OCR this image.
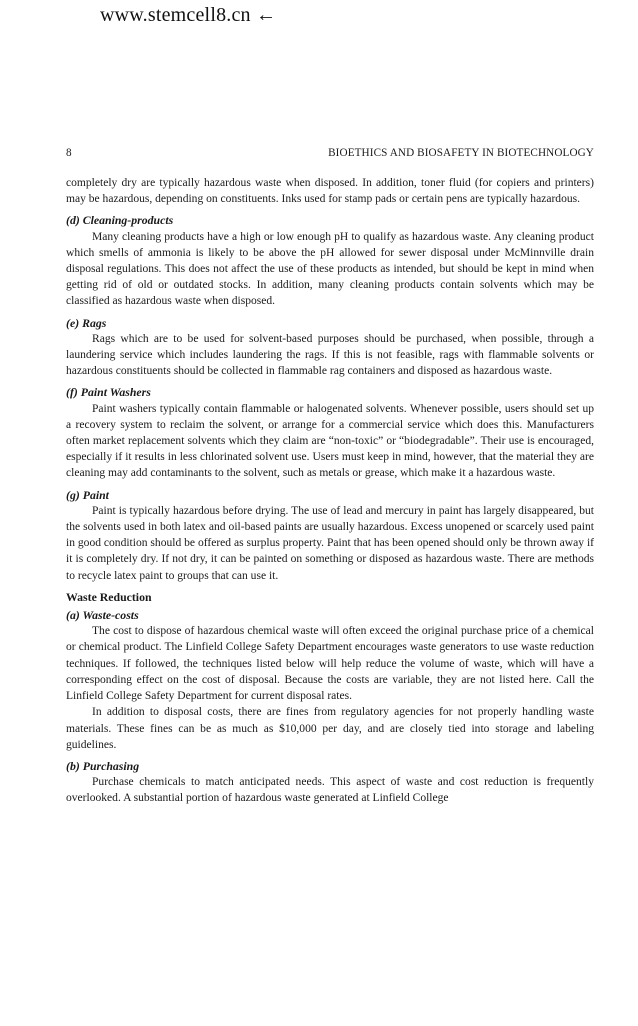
www.stemcell8.cn ←
8	BIOETHICS AND BIOSAFETY IN BIOTECHNOLOGY

completely dry are typically hazardous waste when disposed. In addition, toner fluid (for copiers and printers) may be hazardous, depending on constituents. Inks used for stamp pads or certain pens are typically hazardous.

(d) Cleaning-products

Many cleaning products have a high or low enough pH to qualify as hazardous waste. Any cleaning product which smells of ammonia is likely to be above the pH allowed for sewer disposal under McMinnville drain disposal regulations. This does not affect the use of these products as intended, but should be kept in mind when getting rid of old or outdated stocks. In addition, many cleaning products contain solvents which may be classified as hazardous waste when disposed.

(e) Rags

Rags which are to be used for solvent-based purposes should be purchased, when possible, through a laundering service which includes laundering the rags. If this is not feasible, rags with flammable solvents or hazardous constituents should be collected in flammable rag containers and disposed as hazardous waste.

(f) Paint Washers

Paint washers typically contain flammable or halogenated solvents. Whenever possible, users should set up a recovery system to reclaim the solvent, or arrange for a commercial service which does this. Manufacturers often market replacement solvents which they claim are “non-toxic” or “biodegradable”. Their use is encouraged, especially if it results in less chlorinated solvent use. Users must keep in mind, however, that the material they are cleaning may add contaminants to the solvent, such as metals or grease, which make it a hazardous waste.

(g) Paint

Paint is typically hazardous before drying. The use of lead and mercury in paint has largely disappeared, but the solvents used in both latex and oil-based paints are usually hazardous. Excess unopened or scarcely used paint in good condition should be offered as surplus property. Paint that has been opened should only be thrown away if it is completely dry. If not dry, it can be painted on something or disposed as hazardous waste. There are methods to recycle latex paint to groups that can use it.

Waste Reduction
(a) Waste-costs

The cost to dispose of hazardous chemical waste will often exceed the original purchase price of a chemical or chemical product. The Linfield College Safety Department encourages waste generators to use waste reduction techniques. If followed, the techniques listed below will help reduce the volume of waste, which will have a corresponding effect on the cost of disposal. Because the costs are variable, they are not listed here. Call the Linfield College Safety Department for current disposal rates.

In addition to disposal costs, there are fines from regulatory agencies for not properly handling waste materials. These fines can be as much as $10,000 per day, and are closely tied into storage and labeling guidelines.

(b) Purchasing

Purchase chemicals to match anticipated needs. This aspect of waste and cost reduction is frequently overlooked. A substantial portion of hazardous waste generated at Linfield College
